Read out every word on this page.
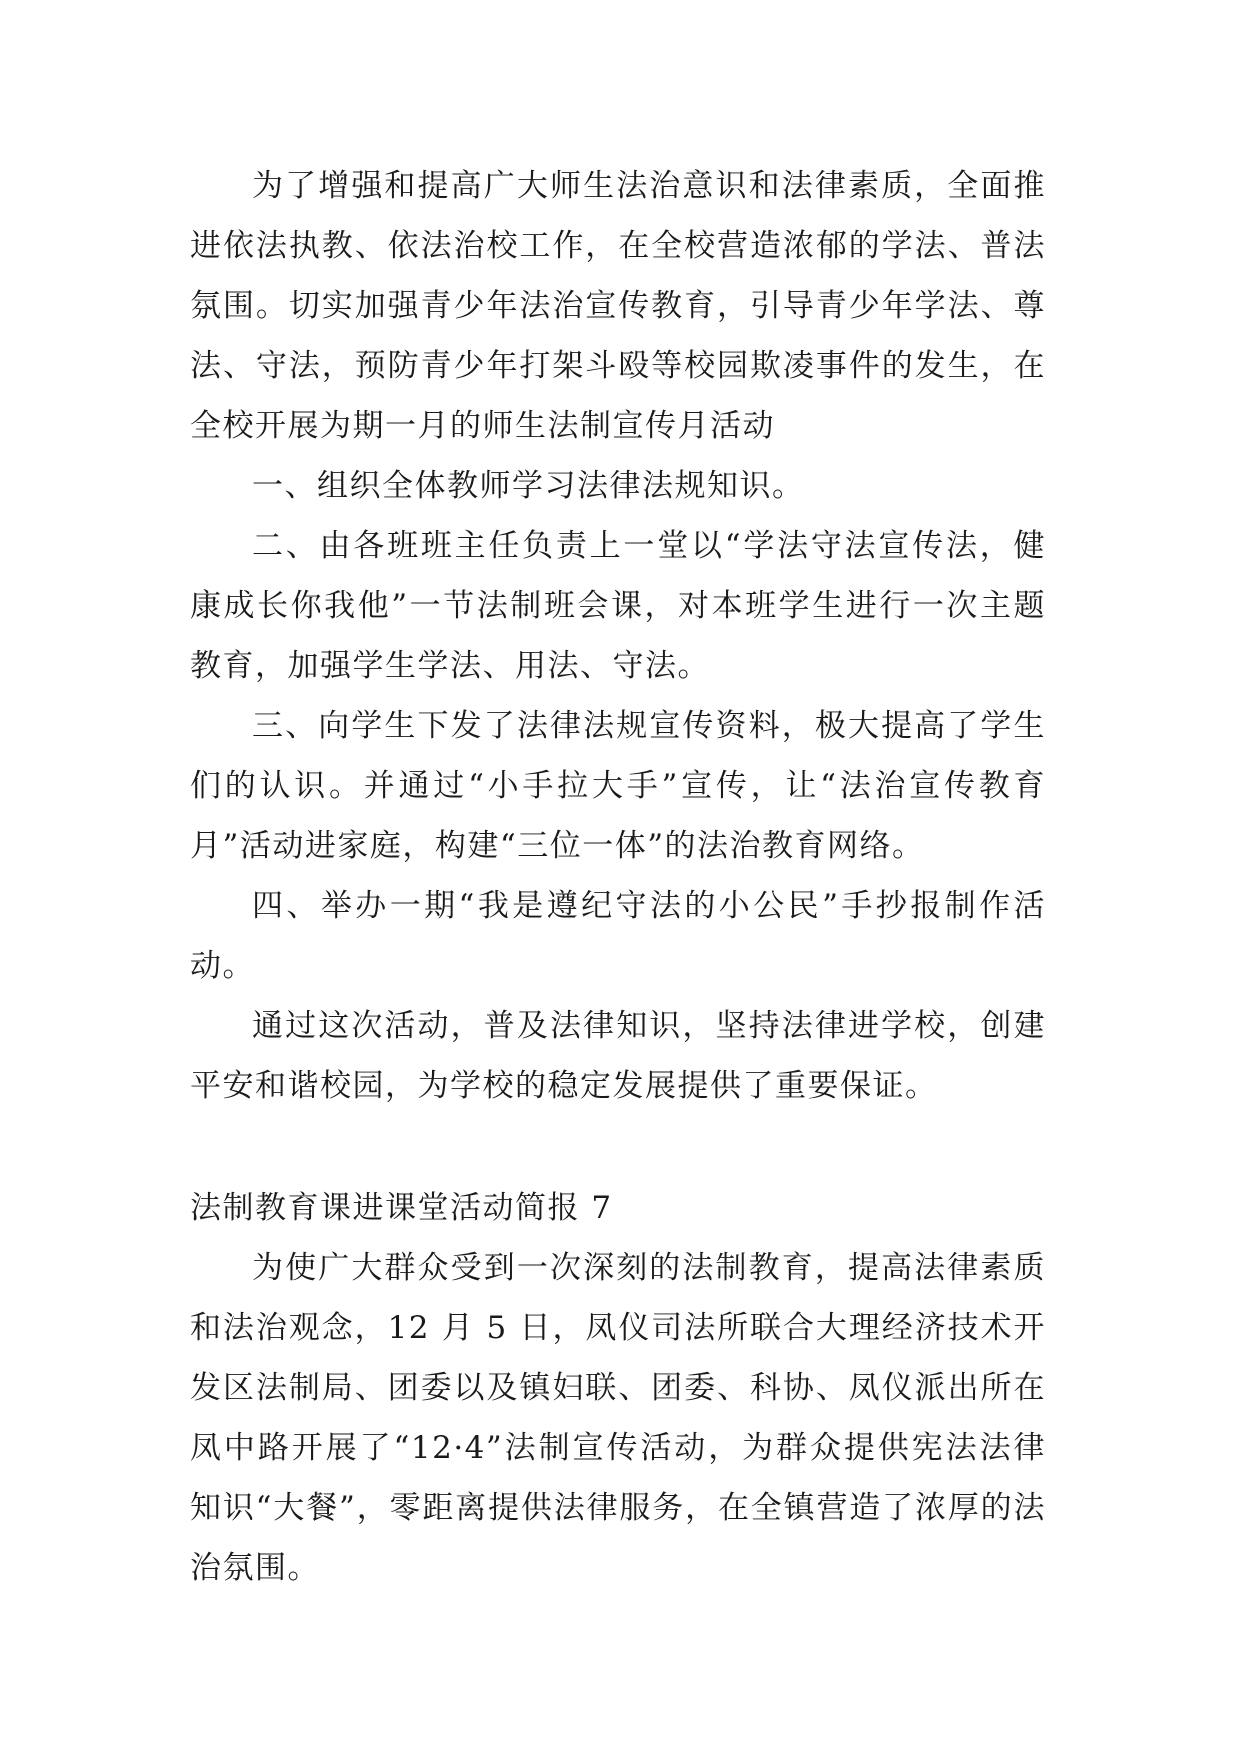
为了增强和提高广大师生法治意识和法律素质，全面推进依法执教、依法治校工作，在全校营造浓郁的学法、普法氛围。切实加强青少年法治宣传教育，引导青少年学法、尊法、守法，预防青少年打架斗殴等校园欺凌事件的发生，在全校开展为期一月的师生法制宣传月活动

一、组织全体教师学习法律法规知识。

二、由各班班主任负责上一堂以“学法守法宣传法，健康成长你我他”一节法制班会课，对本班学生进行一次主题教育，加强学生学法、用法、守法。

三、向学生下发了法律法规宣传资料，极大提高了学生们的认识。并通过“小手拉大手”宣传，让“法治宣传教育月”活动进家庭，构建“三位一体”的法治教育网络。

四、举办一期“我是遵纪守法的小公民”手抄报制作活动。

通过这次活动，普及法律知识，坚持法律进学校，创建平安和谐校园，为学校的稳定发展提供了重要保证。

法制教育课进课堂活动简报 7

为使广大群众受到一次深刻的法制教育，提高法律素质和法治观念，12 月 5 日，凤仪司法所联合大理经济技术开发区法制局、团委以及镇妇联、团委、科协、凤仪派出所在凤中路开展了“12·4”法制宣传活动，为群众提供宪法法律知识“大餐”，零距离提供法律服务，在全镇营造了浓厚的法治氛围。
